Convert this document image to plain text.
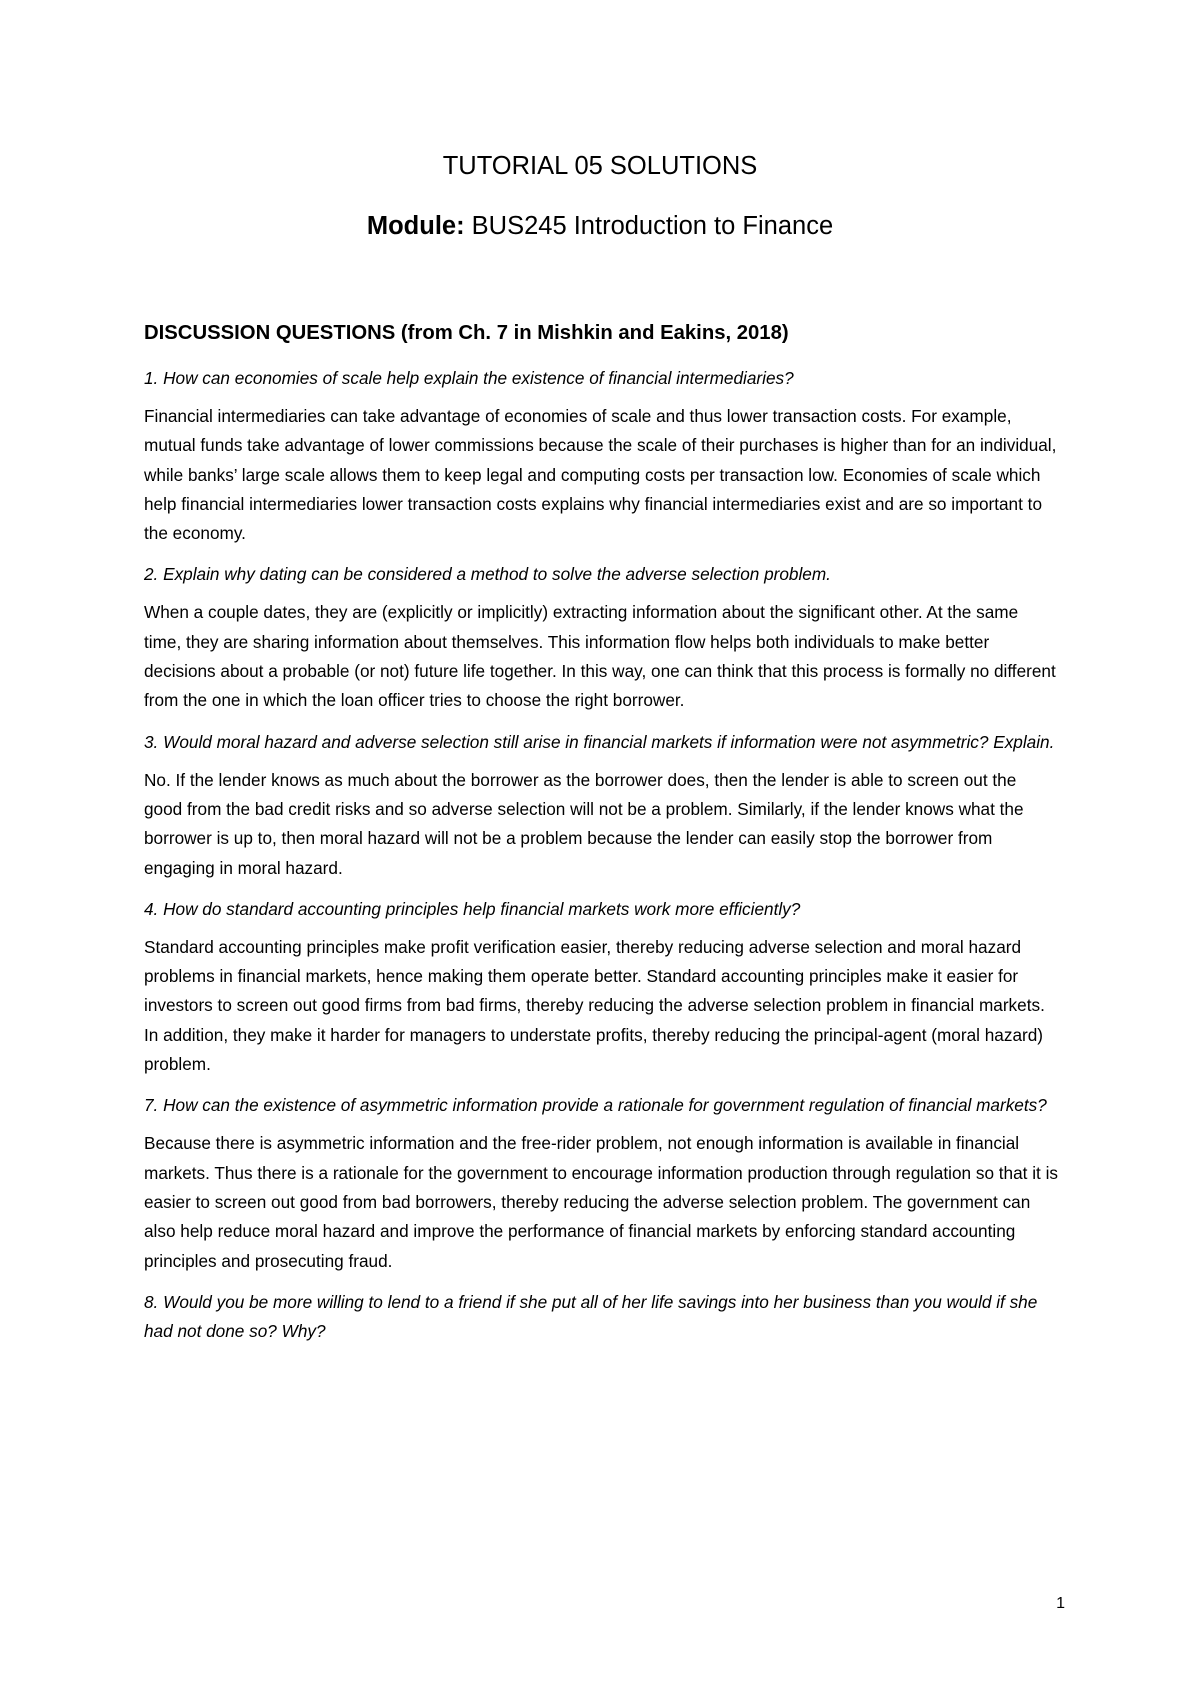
TUTORIAL 05 SOLUTIONS
Module: BUS245 Introduction to Finance
DISCUSSION QUESTIONS (from Ch. 7 in Mishkin and Eakins, 2018)

1. How can economies of scale help explain the existence of financial intermediaries?

Financial intermediaries can take advantage of economies of scale and thus lower transaction costs. For example, mutual funds take advantage of lower commissions because the scale of their purchases is higher than for an individual, while banks’ large scale allows them to keep legal and computing costs per transaction low. Economies of scale which help financial intermediaries lower transaction costs explains why financial intermediaries exist and are so important to the economy.

2. Explain why dating can be considered a method to solve the adverse selection problem.

When a couple dates, they are (explicitly or implicitly) extracting information about the significant other. At the same time, they are sharing information about themselves. This information flow helps both individuals to make better decisions about a probable (or not) future life together. In this way, one can think that this process is formally no different from the one in which the loan officer tries to choose the right borrower.

3. Would moral hazard and adverse selection still arise in financial markets if information were not asymmetric? Explain.

No. If the lender knows as much about the borrower as the borrower does, then the lender is able to screen out the good from the bad credit risks and so adverse selection will not be a problem. Similarly, if the lender knows what the borrower is up to, then moral hazard will not be a problem because the lender can easily stop the borrower from engaging in moral hazard.

4. How do standard accounting principles help financial markets work more efficiently?

Standard accounting principles make profit verification easier, thereby reducing adverse selection and moral hazard problems in financial markets, hence making them operate better. Standard accounting principles make it easier for investors to screen out good firms from bad firms, thereby reducing the adverse selection problem in financial markets. In addition, they make it harder for managers to understate profits, thereby reducing the principal-agent (moral hazard) problem.

7. How can the existence of asymmetric information provide a rationale for government regulation of financial markets?

Because there is asymmetric information and the free-rider problem, not enough information is available in financial markets. Thus there is a rationale for the government to encourage information production through regulation so that it is easier to screen out good from bad borrowers, thereby reducing the adverse selection problem. The government can also help reduce moral hazard and improve the performance of financial markets by enforcing standard accounting principles and prosecuting fraud.

8. Would you be more willing to lend to a friend if she put all of her life savings into her business than you would if she had not done so? Why?

1
